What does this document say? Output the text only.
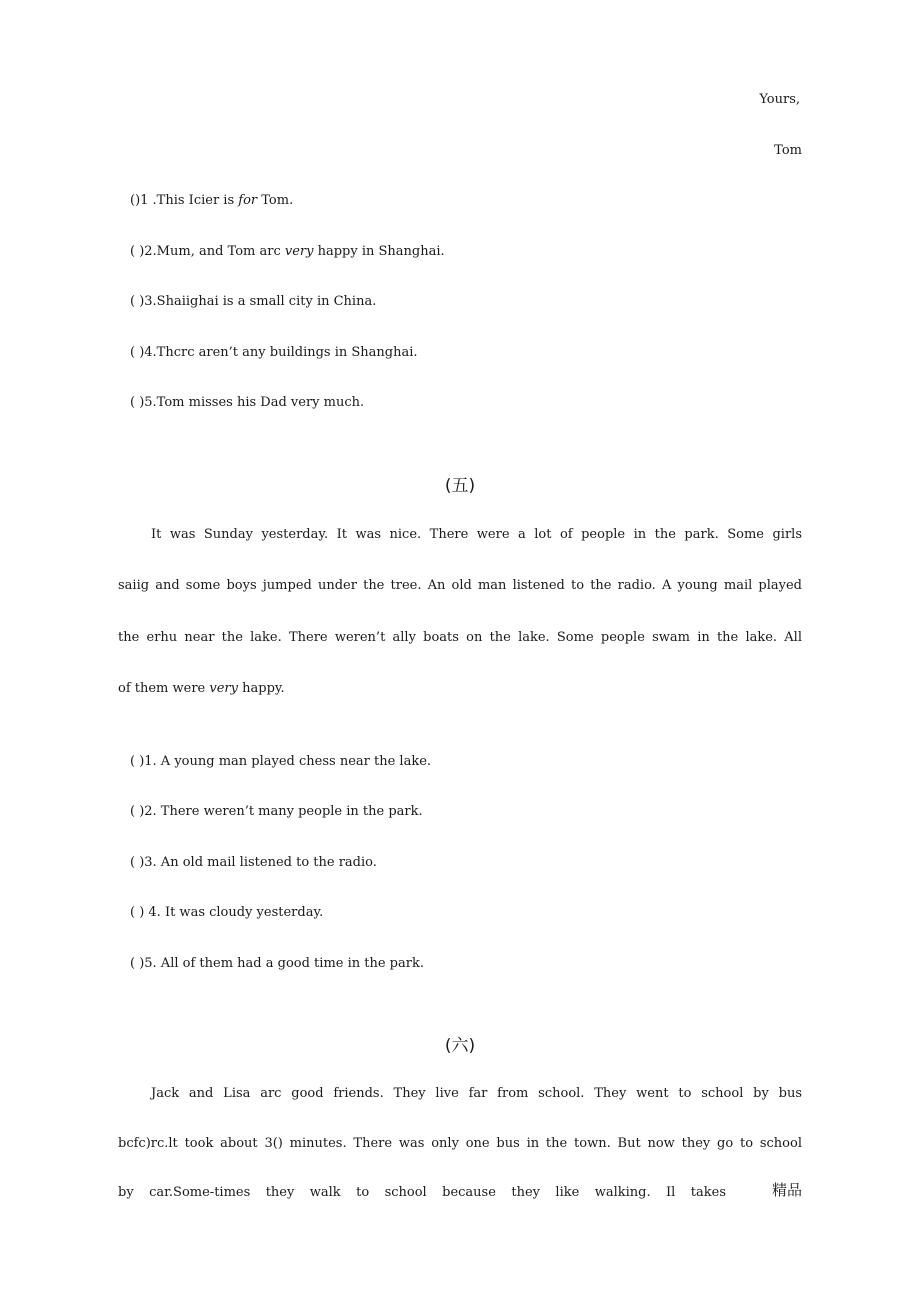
Yours,
Tom
()1 .This Icier is for Tom.
( )2.Mum, and Tom arc very happy in Shanghai.
( )3.Shaiighai is a small city in China.
( )4.Thcrc aren’t any buildings in Shanghai.
( )5.Tom misses his Dad very much.
(五)
It was Sunday yesterday. It was nice. There were a lot of people in the park. Some girls
saiig and some boys jumped under the tree. An old man listened to the radio. A young mail played
the erhu near the lake. There weren’t ally boats on the lake. Some people swam in the lake. All
of them were very happy.
( )1. A young man played chess near the lake.
( )2. There weren’t many people in the park.
( )3. An old mail listened to the radio.
( ) 4. It was cloudy yesterday.
( )5. All of them had a good time in the park.
(六)
Jack and Lisa arc good friends. They live far from school. They went to school by bus
bcfc)rc.lt took about 3() minutes. There was only one bus in the town. But now they go to school
by car.Some-times they walk to school because they like walking. Il takes	精品
